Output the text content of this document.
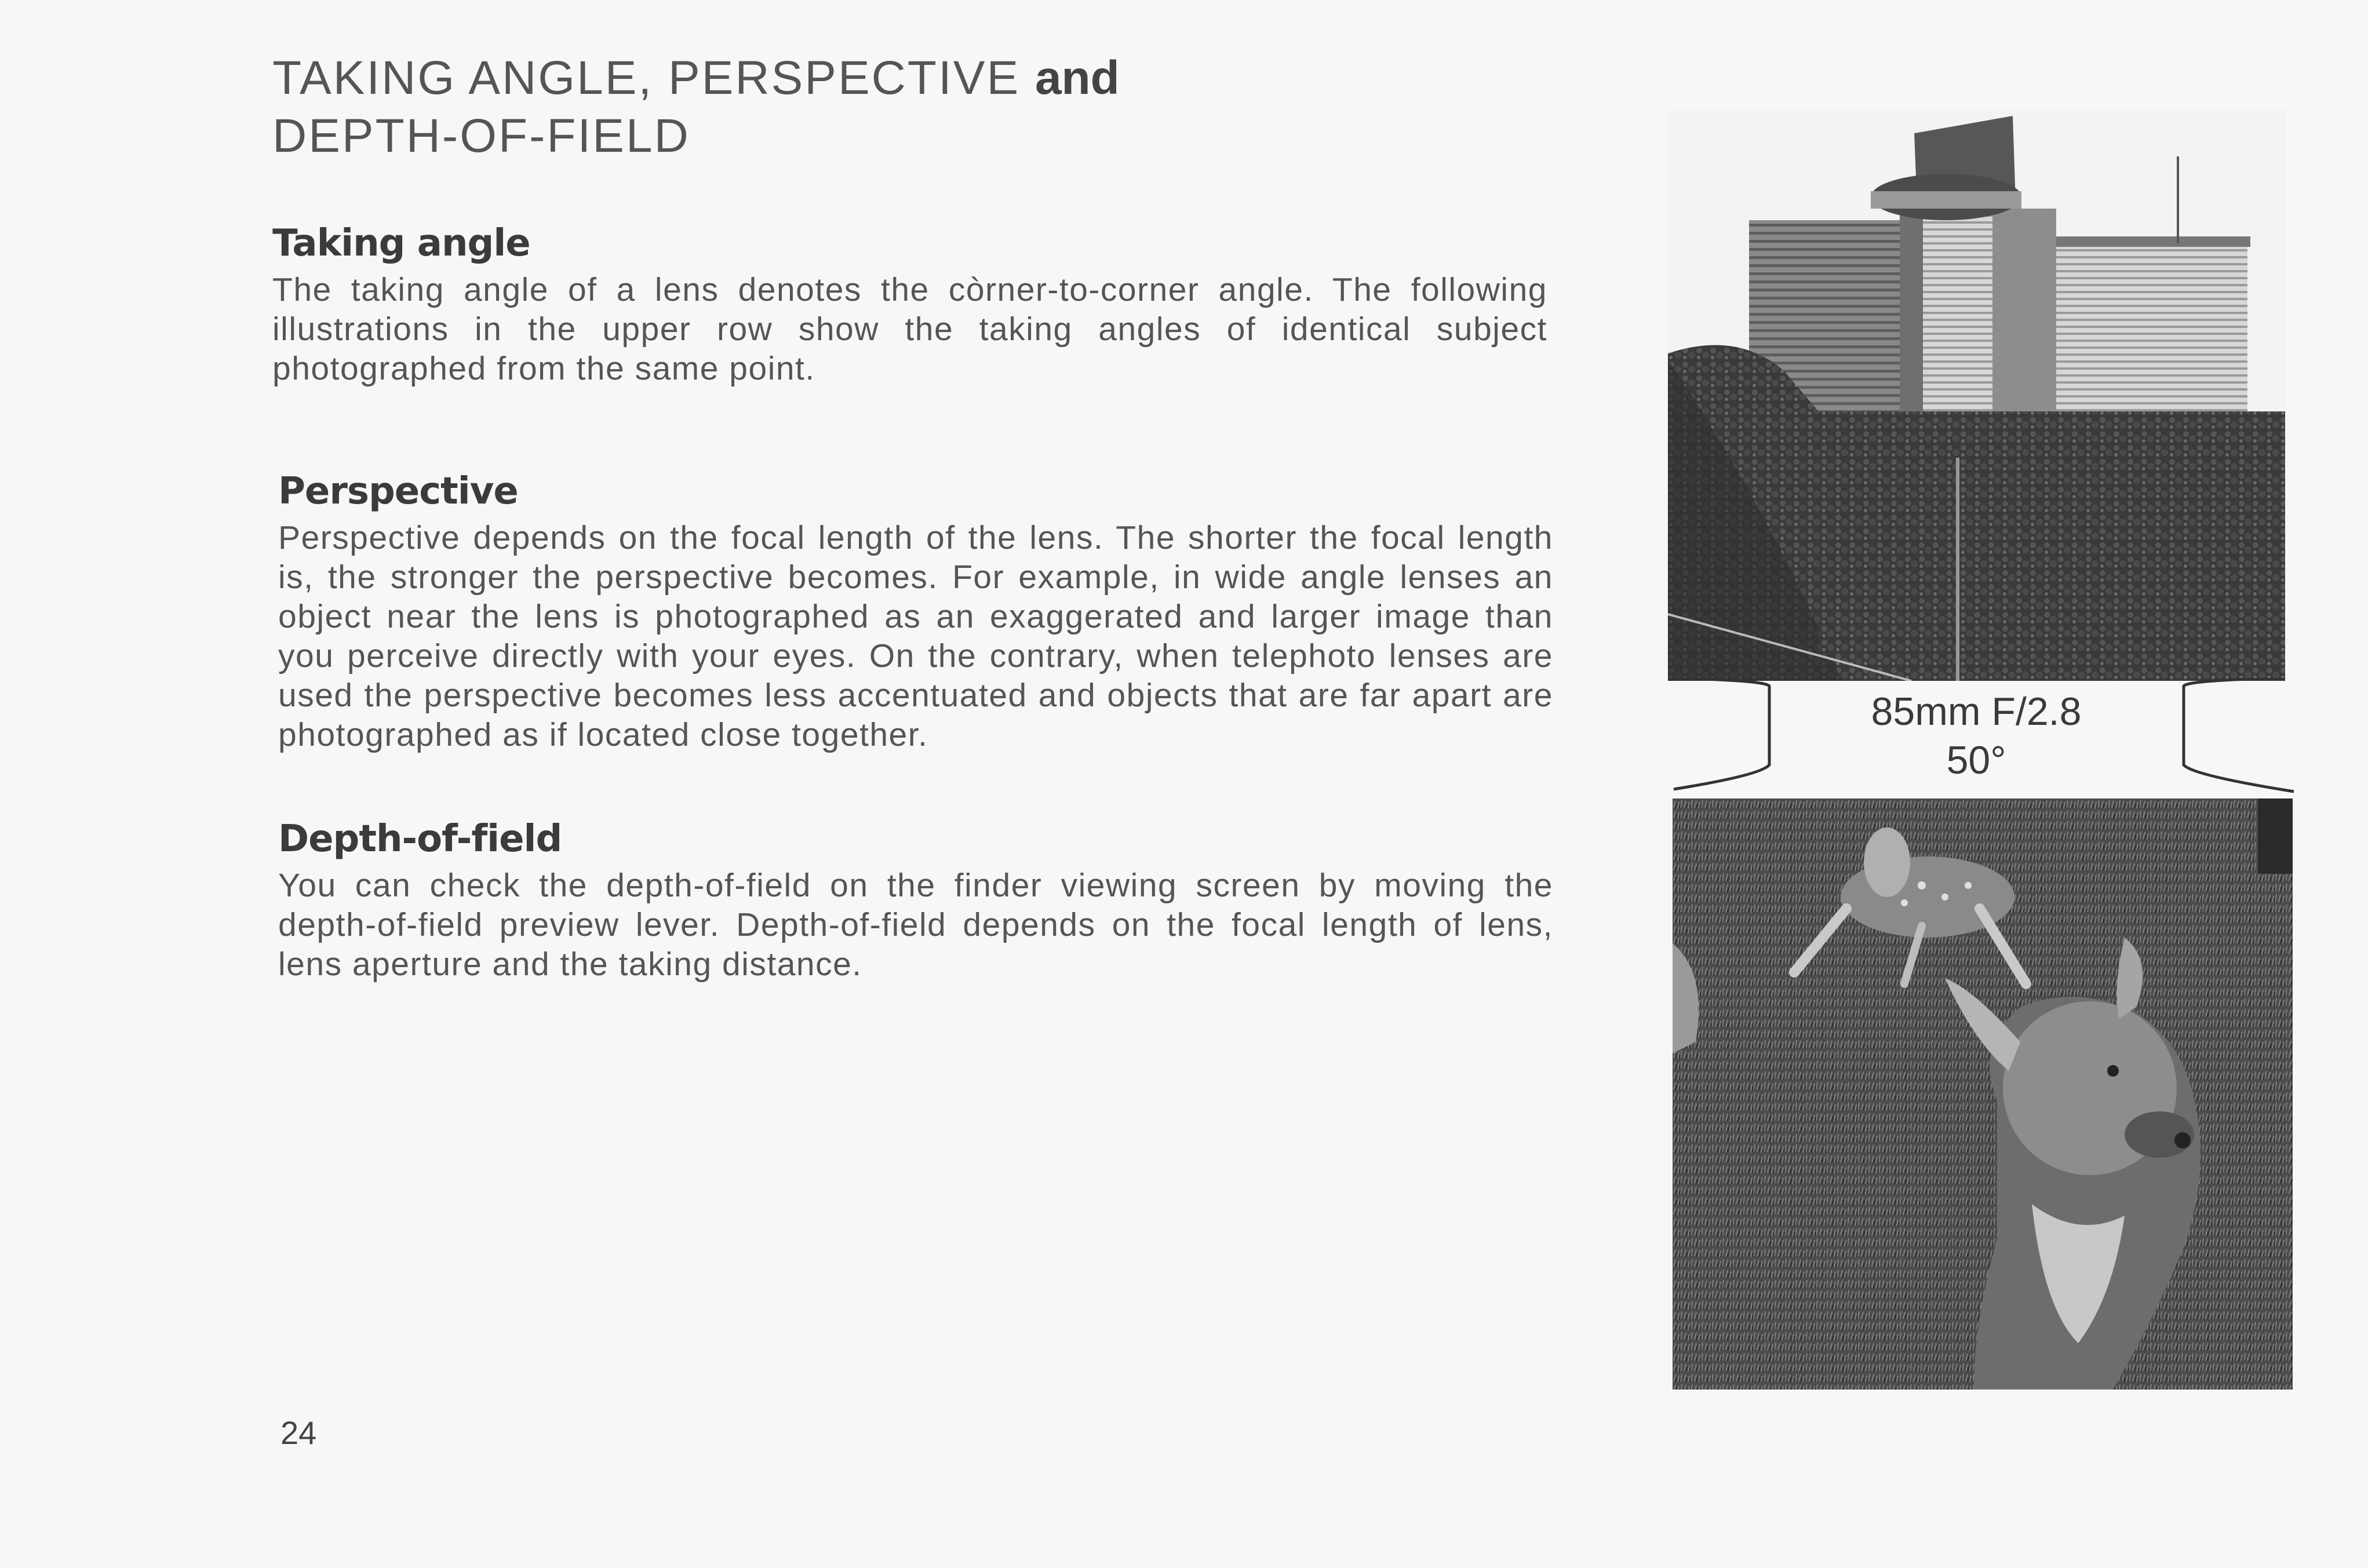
TAKING ANGLE, PERSPECTIVE and
DEPTH-OF-FIELD
Taking angle

The taking angle of a lens denotes the còrner-to-corner angle. The following illustrations in the upper row show the taking angles of identical subject photographed from the same point.

Perspective

Perspective depends on the focal length of the lens. The shorter the focal length is, the stronger the perspective becomes. For example, in wide angle lenses an object near the lens is photographed as an exaggerated and larger image than you perceive directly with your eyes. On the contrary, when telephoto lenses are used the perspective becomes less accentuated and objects that are far apart are photographed as if located close together.

Depth-of-field

You can check the depth-of-field on the finder viewing screen by moving the depth-of-field preview lever. Depth-of-field depends on the focal length of lens, lens aperture and the taking distance.

85mm F/2.8
50°
24
